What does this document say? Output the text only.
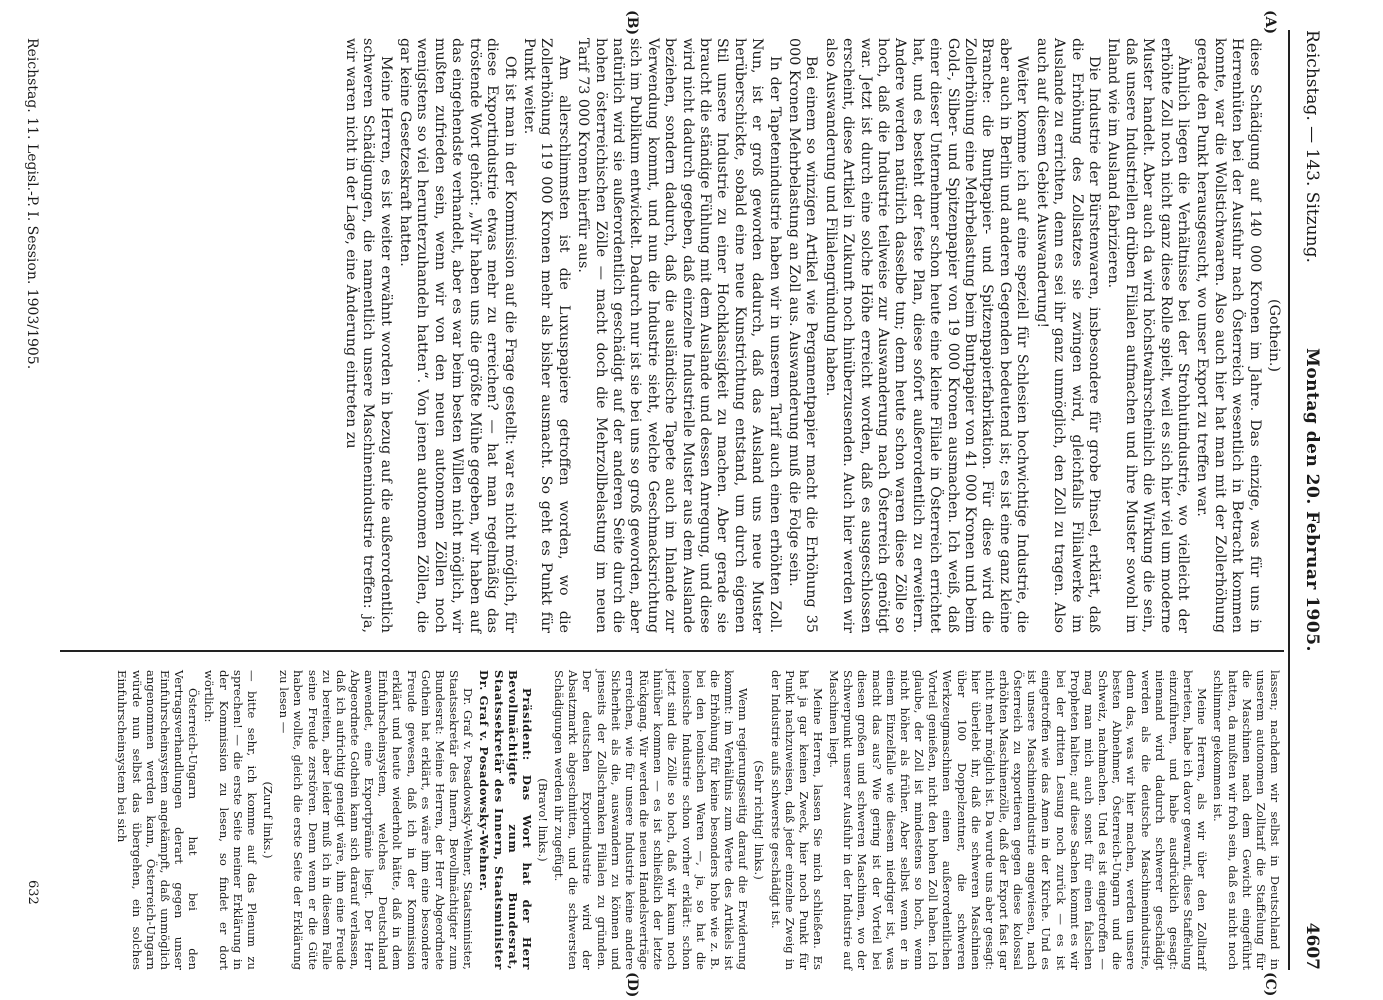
Reichstag. — 143. Sitzung.
Montag den 20. Februar 1905.
4607
(A)
(B)
(C)
(D)

(Gothein.)

diese Schädigung auf 140 000 Kronen im Jahre. Das einzige, was für uns in Herrenhüten bei der Ausfuhr nach Österreich wesentlich in Betracht kommen konnte, war die Wollstichwaaren. Also auch hier hat man mit der Zollerhöhung gerade den Punkt herausgesucht, wo unser Export zu treffen war.

Ähnlich liegen die Verhältnisse bei der Strohhutindustrie, wo vielleicht der erhöhte Zoll noch nicht ganz diese Rolle spielt, weil es sich hier viel um moderne Muster handelt. Aber auch da wird höchstwahrscheinlich die Wirkung die sein, daß unsere Industriellen drüben Filialen aufmachen und ihre Muster sowohl im Inland wie im Ausland fabrizieren.

Die Industrie der Bürstenwaren, insbesondere für grobe Pinsel, erklärt, daß die Erhöhung des Zollsatzes sie zwingen wird, gleichfalls Filialwerke im Auslande zu errichten, denn es sei ihr ganz unmöglich, den Zoll zu tragen. Also auch auf diesem Gebiet Auswanderung!

Weiter komme ich auf eine speziell für Schlesien hochwichtige Industrie, die aber auch in Berlin und anderen Gegenden bedeutend ist; es ist eine ganz kleine Branche: die Buntpapier- und Spitzenpapierfabrikation. Für diese wird die Zollerhöhung eine Mehrbelastung beim Buntpapier von 41 000 Kronen und beim Gold-, Silber- und Spitzenpapier von 19 000 Kronen ausmachen. Ich weiß, daß einer dieser Unternehmer schon heute eine kleine Filiale in Österreich errichtet hat, und es besteht der feste Plan, diese sofort außerordentlich zu erweitern. Andere werden natürlich dasselbe tun; denn heute schon waren diese Zölle so hoch, daß die Industrie teilweise zur Auswanderung nach Österreich genötigt war. Jetzt ist durch eine solche Höhe erreicht worden, daß es ausgeschlossen erscheint, diese Artikel in Zukunft noch hinüberzusenden. Auch hier werden wir also Auswanderung und Filialengründung haben.

Bei einem so winzigen Artikel wie Pergamentpapier macht die Erhöhung 35 000 Kronen Mehrbelastung an Zoll aus. Auswanderung muß die Folge sein.

In der Tapetenindustrie haben wir in unserem Tarif auch einen erhöhten Zoll. Nun, ist er groß geworden dadurch, daß das Ausland uns neue Muster herüberschickte, sobald eine neue Kunstrichtung entstand, um durch eigenen Stil unsere Industrie zu einer Hochklassigkeit zu machen. Aber gerade sie braucht die ständige Fühlung mit dem Auslande und dessen Anregung, und diese wird nicht dadurch gegeben, daß einzelne Industrielle Muster aus dem Auslande beziehen, sondern dadurch, daß die ausländische Tapete auch im Inlande zur Verwendung kommt, und nun die Industrie sieht, welche Geschmacksrichtung sich im Publikum entwickelt. Dadurch nur ist sie bei uns so groß geworden, aber natürlich wird sie außerordentlich geschädigt auf der anderen Seite durch die hohen österreichischen Zölle — macht doch die Mehrzollbelastung im neuen Tarif 73 000 Kronen hierfür aus.

Am allerschlimmsten ist die Luxuspapiere getroffen worden, wo die Zollerhöhung 119 000 Kronen mehr als bisher ausmacht. So geht es Punkt für Punkt weiter.

Oft ist man in der Kommission auf die Frage gestellt: war es nicht möglich, für diese Exportindustrie etwas mehr zu erreichen? — hat man regelmäßig das tröstende Wort gehört: „Wir haben uns die größte Mühe gegeben, wir haben auf das eingehendste verhandelt, aber es war beim besten Willen nicht möglich, wir mußten zufrieden sein, wenn wir von den neuen autonomen Zöllen noch wenigstens so viel herunterzuhandeln hatten“. Von jenen autonomen Zöllen, die gar keine Gesetzeskraft hatten.

Meine Herren, es ist weiter erwähnt worden in bezug auf die außerordentlich schweren Schädigungen, die namentlich unsere Maschinenindustrie treffen: ja, wir waren nicht in der Lage, eine Änderung eintreten zu

lassen; nachdem wir selbst in Deutschland in unserem autonomen Zolltarif die Staffelung für die Maschinen nach dem Gewicht eingeführt hatten, da mußten wir froh sein, daß es nicht noch schlimmer gekommen ist.

Meine Herren, als wir über den Zolltarif berieten, habe ich davor gewarnt, diese Staffelung einzuführen, und habe ausdrücklich gesagt: niemand wird dadurch schwerer geschädigt werden als die deutsche Maschinenindustrie, denn das, was wir hier machen, werden unsere besten Abnehmer, Österreich-Ungarn und die Schweiz, nachmachen. Und es ist eingetroffen — mag man mich auch sonst für einen falschen Propheten halten; auf diese Sachen kommt es wir bei der dritten Lesung noch zurück — es ist eingetroffen wie das Amen in der Kirche. Und es ist unsere Maschinenindustrie angewiesen, nach Österreich zu exportieren gegen diese kolossal erhöhten Maschinenzölle, daß der Export fast gar nicht mehr möglich ist. Da wurde uns aber gesagt: hier überlebt ihr, daß die schweren Maschinen über 100 Doppelzentner, die schweren Werkzeugmaschinen einen außerordentlichen Vorteil genießen, nicht den hohen Zoll haben. Ich glaube, der Zoll ist mindestens so hoch, wenn nicht höher als früher. Aber selbst wenn er in einem Einzelfalle wie diesem niedriger ist, was macht das aus? Wie gering ist der Vorteil bei diesen großen und schweren Maschinen, wo der Schwerpunkt unserer Ausfuhr in der Industrie auf Maschinen liegt.

Meine Herren, lassen Sie mich schließen. Es hat ja gar keinen Zweck, hier noch Punkt für Punkt nachzuweisen, daß jeder einzelne Zweig in der Industrie aufs schwerste geschädigt ist.

(Sehr richtig! links.)

Wenn regierungsseitig darauf die Erwiderung kommt: im Verhältnis zum Werte des Artikels ist die Erhöhung für keine besonders hohe wie z. B. bei den leonischen Waren —, ja, so hat die leonische Industrie schon vorher erklärt: schon jetzt sind die Zölle so hoch, daß wir kaum noch hinüber kommen — es ist schließlich der letzte Rückgang. Wir werden die neuen Handelsverträge erreichen, wie für unsere Industrie keine andere Sicherheit als die, auswandern zu können und jenseits der Zollschranken Filialen zu gründen. Der deutschen Exportindustrie wird der Absatzmarkt abgeschnitten, und die schwersten Schädigungen werden ihr zugefügt.

(Bravo! links.)

Präsident: Das Wort hat der Herr Bevollmächtigte zum Bundesrat, Staatssekretär des Innern, Staatsminister Dr. Graf v. Posadowsky-Wehner.

Dr. Graf v. Posadowsky-Wehner, Staatsminister, Staatssekretär des Innern, Bevollmächtigter zum Bundesrat: Meine Herren, der Herr Abgeordnete Gothein hat erklärt, es wäre ihm eine besondere Freude gewesen, daß ich in der Kommission erklärt und heute wiederholt hätte, daß in dem Einfuhrscheinsystem, welches Deutschland anwendet, eine Exportprämie liegt. Der Herr Abgeordnete Gothein kann sich darauf verlassen, daß ich aufrichtig geneigt wäre, ihm eine Freude zu bereiten, aber leider muß ich in diesem Falle seine Freude zerstören. Denn wenn er die Güte haben wollte, gleich die erste Seite der Erklärung zu lesen —

(Zuruf links.)

— bitte sehr, ich komme auf das Plenum zu sprechen! — die erste Seite meiner Erklärung in der Kommission zu lesen, so findet er dort wörtlich:

Österreich-Ungarn hat bei den Vertragsverhandlungen derart gegen unser Einfuhrscheinsystem angekämpft, daß unmöglich angenommen werden kann, Österreich-Ungarn würde nun selbst das übergehen, ein solches Einfuhrscheinsystem bei sich

Reichstag. 11. Legisl.-P. I. Session. 1903/1905.
632
